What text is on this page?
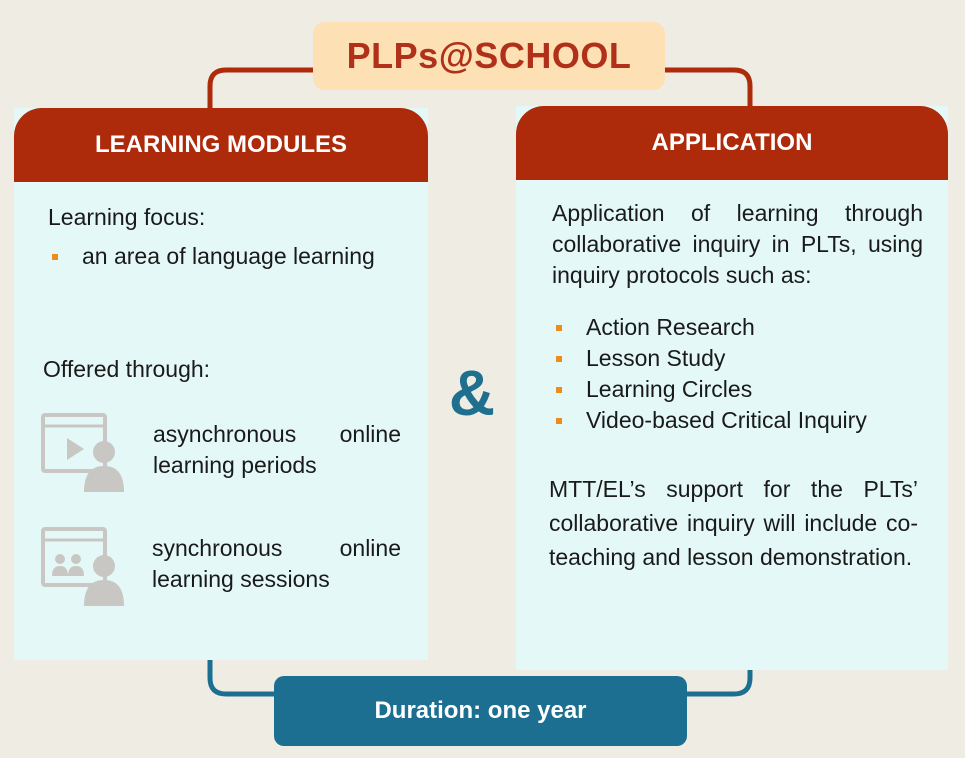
PLPs@SCHOOL
LEARNING MODULES
Learning focus:
an area of language learning
Offered through:
asynchronous online learning periods
synchronous online learning sessions
&
APPLICATION
Application of learning through collaborative inquiry in PLTs, using inquiry protocols such as:
Action Research
Lesson Study
Learning Circles
Video-based Critical Inquiry
MTT/EL’s support for the PLTs’ collaborative inquiry will include co-teaching and lesson demonstration.
Duration: one year
